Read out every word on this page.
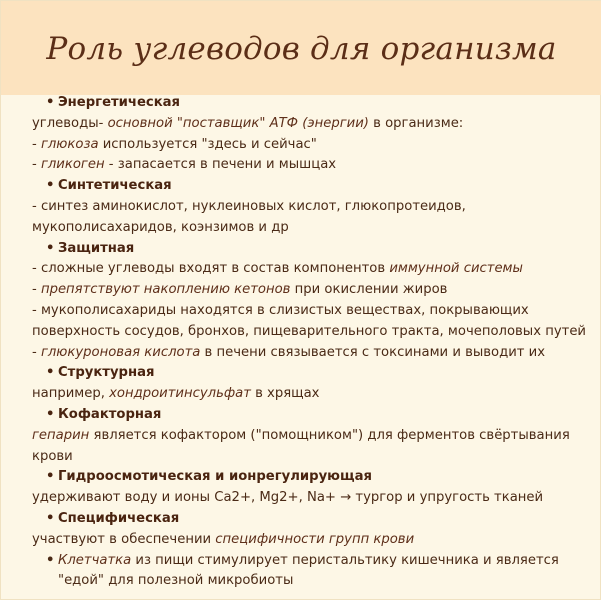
Роль углеводов для организма
• Энергетическая
углеводы- основной "поставщик" АТФ (энергии) в организме:
- глюкоза используется "здесь и сейчас"
- гликоген - запасается в печени и мышцах
• Синтетическая
- синтез аминокислот, нуклеиновых кислот, глюкопротеидов,
мукополисахаридов, коэнзимов и др
• Защитная
- сложные углеводы входят в состав компонентов иммунной системы
- препятствуют накоплению кетонов при окислении жиров
- мукополисахариды находятся в слизистых веществах, покрывающих
поверхность сосудов, бронхов, пищеварительного тракта, мочеполовых путей
- глюкуроновая кислота в печени связывается с токсинами и выводит их
• Структурная
например, хондроитинсульфат в хрящах
• Кофакторная
гепарин является кофактором ("помощником") для ферментов свёртывания
крови
• Гидроосмотическая и ионрегулирующая
удерживают воду и ионы Ca2+, Mg2+, Na+ → тургор и упругость тканей
• Специфическая
участвуют в обеспечении специфичности групп крови
• Клетчатка из пищи стимулирует перистальтику кишечника и является
"едой" для полезной микробиоты
